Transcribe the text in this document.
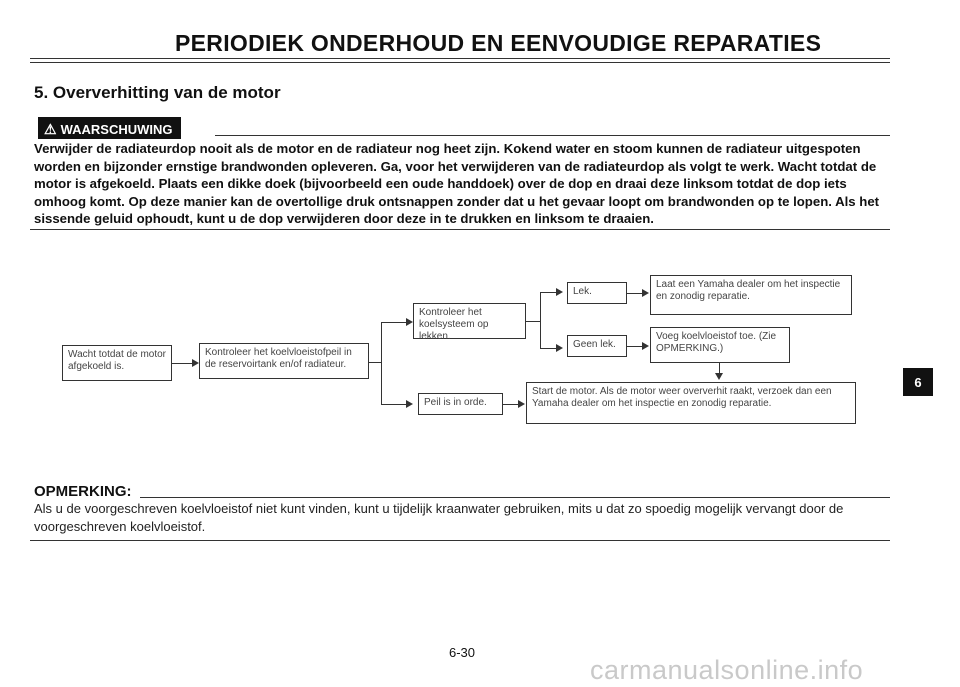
PERIODIEK ONDERHOUD EN EENVOUDIGE REPARATIES
5. Oververhitting van de motor
⚠ WAARSCHUWING
Verwijder de radiateurdop nooit als de motor en de radiateur nog heet zijn. Kokend water en stoom kunnen de radiateur uitgespoten worden en bijzonder ernstige brandwonden opleveren. Ga, voor het verwijderen van de radiateurdop als volgt te werk. Wacht totdat de motor is afgekoeld. Plaats een dikke doek (bijvoorbeeld een oude handdoek) over de dop en draai deze linksom totdat de dop iets omhoog komt. Op deze manier kan de overtollige druk ontsnappen zonder dat u het gevaar loopt om brandwonden op te lopen. Als het sissende geluid ophoudt, kunt u de dop verwijderen door deze in te drukken en linksom te draaien.
Wacht totdat de motor afgekoeld is.
Kontroleer het koelvloeistofpeil in de reservoirtank en/of radiateur.
Kontroleer het koelsysteem op lekken.
Lek.
Laat een Yamaha dealer om het inspectie en zonodig reparatie.
Geen lek.
Voeg koelvloeistof toe. (Zie OPMERKING.)
Peil is in orde.
Start de motor. Als de motor weer oververhit raakt, verzoek dan een Yamaha dealer om het inspectie en zonodig reparatie.
6
OPMERKING:
Als u de voorgeschreven koelvloeistof niet kunt vinden, kunt u tijdelijk kraanwater gebruiken, mits u dat zo spoedig mogelijk vervangt door de voorgeschreven koelvloeistof.
6-30
carmanualsonline.info
